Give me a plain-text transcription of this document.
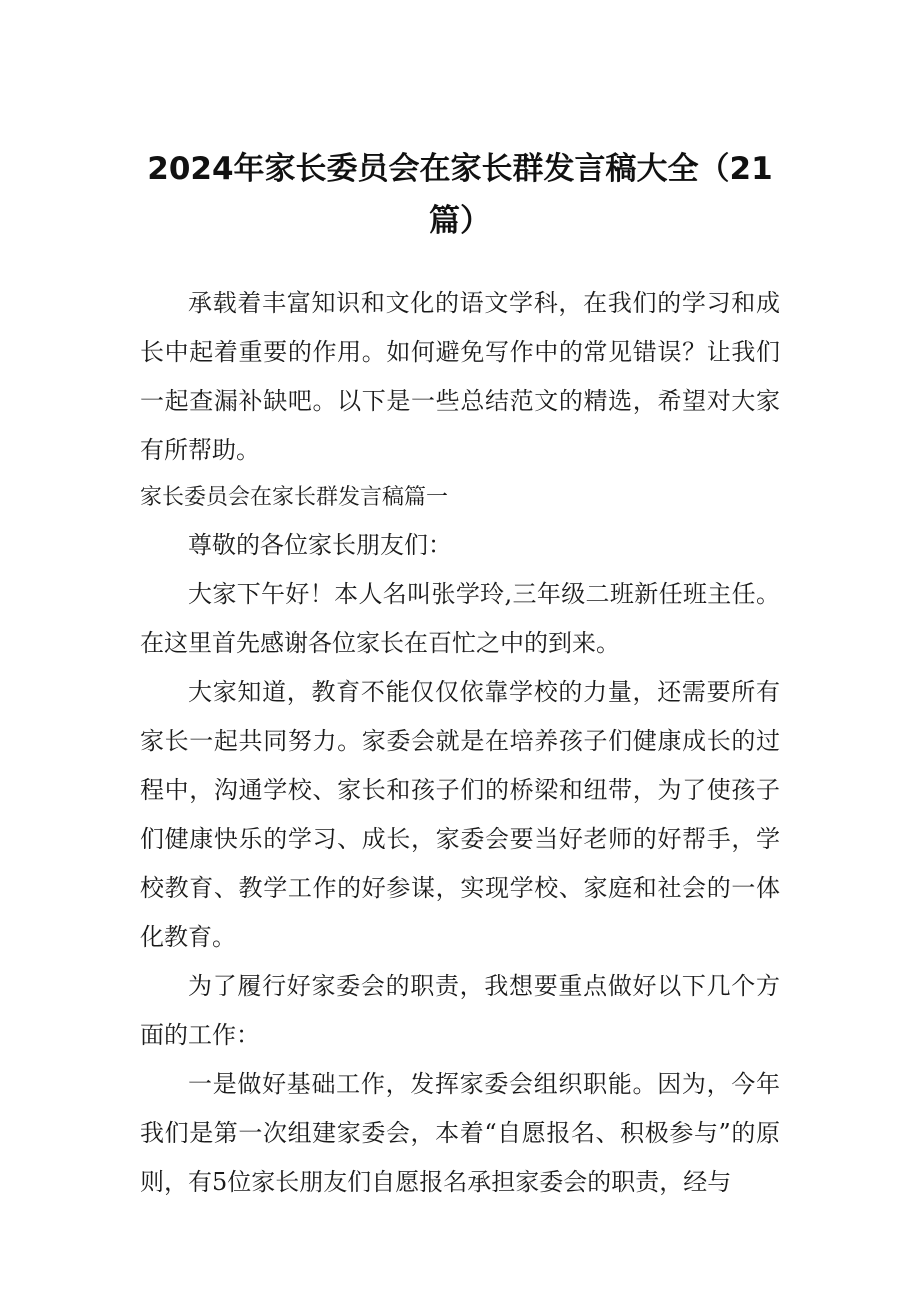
2024年家长委员会在家长群发言稿大全（21篇）

承载着丰富知识和文化的语文学科，在我们的学习和成长中起着重要的作用。如何避免写作中的常见错误？让我们一起查漏补缺吧。以下是一些总结范文的精选，希望对大家有所帮助。

家长委员会在家长群发言稿篇一

尊敬的各位家长朋友们：

大家下午好！本人名叫张学玲,三年级二班新任班主任。在这里首先感谢各位家长在百忙之中的到来。

大家知道，教育不能仅仅依靠学校的力量，还需要所有家长一起共同努力。家委会就是在培养孩子们健康成长的过程中，沟通学校、家长和孩子们的桥梁和纽带，为了使孩子们健康快乐的学习、成长，家委会要当好老师的好帮手，学校教育、教学工作的好参谋，实现学校、家庭和社会的一体化教育。

为了履行好家委会的职责，我想要重点做好以下几个方面的工作：

一是做好基础工作，发挥家委会组织职能。因为，今年我们是第一次组建家委会，本着“自愿报名、积极参与”的原则，有5位家长朋友们自愿报名承担家委会的职责，经与
